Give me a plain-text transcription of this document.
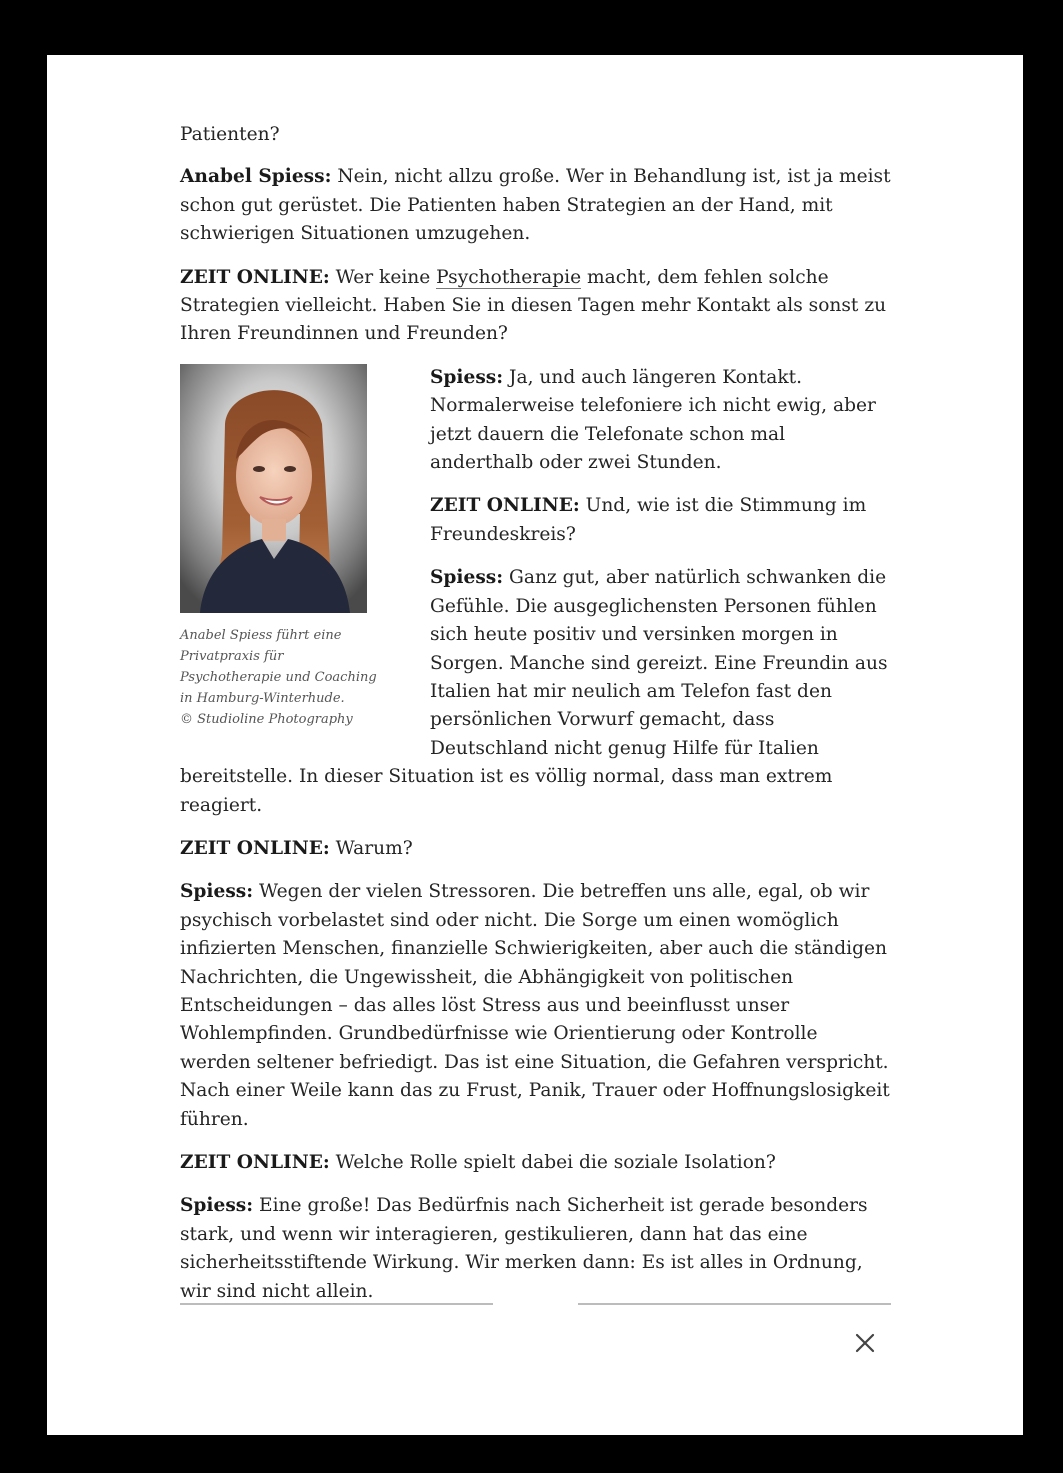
Patienten?

Anabel Spiess: Nein, nicht allzu große. Wer in Behandlung ist, ist ja meist schon gut gerüstet. Die Patienten haben Strategien an der Hand, mit schwierigen Situationen umzugehen.

ZEIT ONLINE: Wer keine Psychotherapie macht, dem fehlen solche Strategien vielleicht. Haben Sie in diesen Tagen mehr Kontakt als sonst zu Ihren Freundinnen und Freunden?

Anabel Spiess führt eine
Privatpraxis für
Psychotherapie und Coaching
in Hamburg-Winterhude.
© Studioline Photography

Spiess: Ja, und auch längeren Kontakt. Normalerweise telefoniere ich nicht ewig, aber jetzt dauern die Telefonate schon mal anderthalb oder zwei Stunden.

ZEIT ONLINE: Und, wie ist die Stimmung im Freundeskreis?

Spiess: Ganz gut, aber natürlich schwanken die Gefühle. Die ausgeglichensten Personen fühlen sich heute positiv und versinken morgen in Sorgen. Manche sind gereizt. Eine Freundin aus Italien hat mir neulich am Telefon fast den persönlichen Vorwurf gemacht, dass Deutschland nicht genug Hilfe für Italien bereitstelle. In dieser Situation ist es völlig normal, dass man extrem reagiert.

ZEIT ONLINE: Warum?

Spiess: Wegen der vielen Stressoren. Die betreffen uns alle, egal, ob wir psychisch vorbelastet sind oder nicht. Die Sorge um einen womöglich infizierten Menschen, finanzielle Schwierigkeiten, aber auch die ständigen Nachrichten, die Ungewissheit, die Abhängigkeit von politischen Entscheidungen – das alles löst Stress aus und beeinflusst unser Wohlempfinden. Grundbedürfnisse wie Orientierung oder Kontrolle werden seltener befriedigt. Das ist eine Situation, die Gefahren verspricht. Nach einer Weile kann das zu Frust, Panik, Trauer oder Hoffnungslosigkeit führen.

ZEIT ONLINE: Welche Rolle spielt dabei die soziale Isolation?

Spiess: Eine große! Das Bedürfnis nach Sicherheit ist gerade besonders stark, und wenn wir interagieren, gestikulieren, dann hat das eine sicherheitsstiftende Wirkung. Wir merken dann: Es ist alles in Ordnung, wir sind nicht allein.
